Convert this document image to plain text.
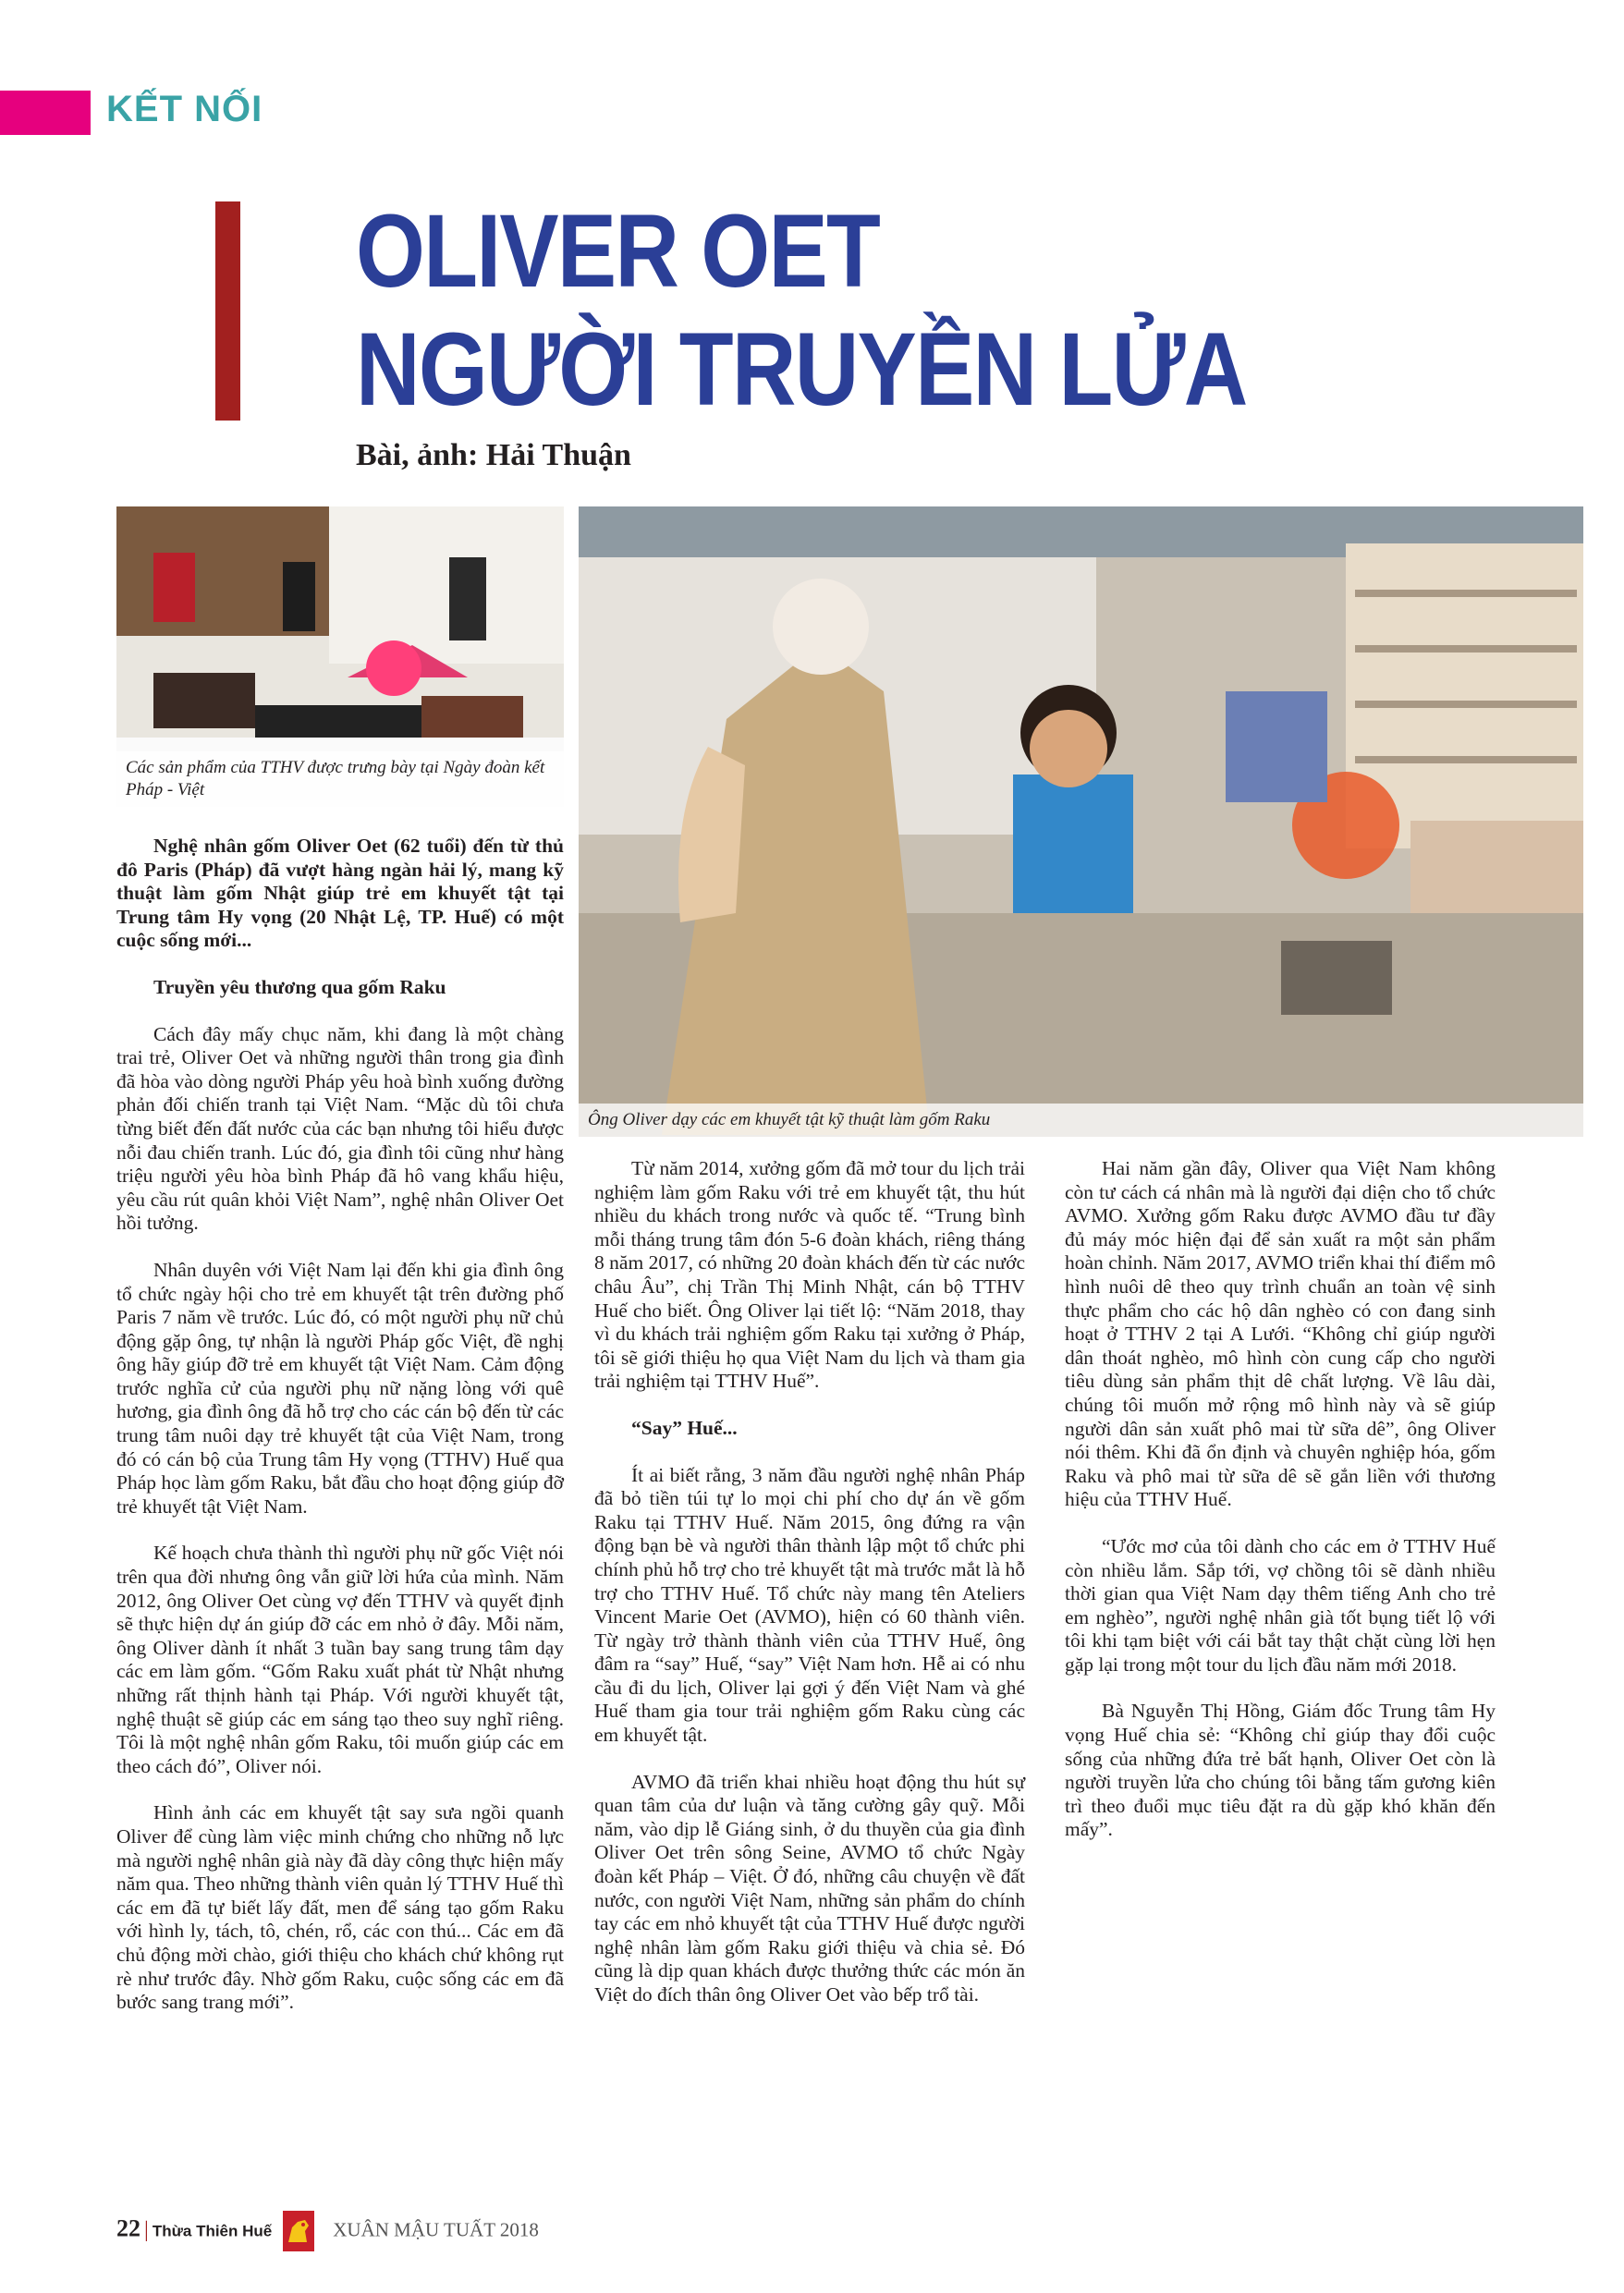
KẾT NỐI
OLIVER OET
NGƯỜI TRUYỀN LỬA
Bài, ảnh: Hải Thuận
Các sản phẩm của TTHV được trưng bày tại Ngày đoàn kết Pháp - Việt
Ông Oliver dạy các em khuyết tật kỹ thuật làm gốm Raku

Nghệ nhân gốm Oliver Oet (62 tuổi) đến từ thủ đô Paris (Pháp) đã vượt hàng ngàn hải lý, mang kỹ thuật làm gốm Nhật giúp trẻ em khuyết tật tại Trung tâm Hy vọng (20 Nhật Lệ, TP. Huế) có một cuộc sống mới...

Truyền yêu thương qua gốm Raku

Cách đây mấy chục năm, khi đang là một chàng trai trẻ, Oliver Oet và những người thân trong gia đình đã hòa vào dòng người Pháp yêu hoà bình xuống đường phản đối chiến tranh tại Việt Nam. “Mặc dù tôi chưa từng biết đến đất nước của các bạn nhưng tôi hiểu được nỗi đau chiến tranh. Lúc đó, gia đình tôi cũng như hàng triệu người yêu hòa bình Pháp đã hô vang khẩu hiệu, yêu cầu rút quân khỏi Việt Nam”, nghệ nhân Oliver Oet hồi tưởng.

Nhân duyên với Việt Nam lại đến khi gia đình ông tổ chức ngày hội cho trẻ em khuyết tật trên đường phố Paris 7 năm về trước. Lúc đó, có một người phụ nữ chủ động gặp ông, tự nhận là người Pháp gốc Việt, đề nghị ông hãy giúp đỡ trẻ em khuyết tật Việt Nam. Cảm động trước nghĩa cử của người phụ nữ nặng lòng với quê hương, gia đình ông đã hỗ trợ cho các cán bộ đến từ các trung tâm nuôi dạy trẻ khuyết tật của Việt Nam, trong đó có cán bộ của Trung tâm Hy vọng (TTHV) Huế qua Pháp học làm gốm Raku, bắt đầu cho hoạt động giúp đỡ trẻ khuyết tật Việt Nam.

Kế hoạch chưa thành thì người phụ nữ gốc Việt nói trên qua đời nhưng ông vẫn giữ lời hứa của mình. Năm 2012, ông Oliver Oet cùng vợ đến TTHV và quyết định sẽ thực hiện dự án giúp đỡ các em nhỏ ở đây. Mỗi năm, ông Oliver dành ít nhất 3 tuần bay sang trung tâm dạy các em làm gốm. “Gốm Raku xuất phát từ Nhật nhưng những rất thịnh hành tại Pháp. Với người khuyết tật, nghệ thuật sẽ giúp các em sáng tạo theo suy nghĩ riêng. Tôi là một nghệ nhân gốm Raku, tôi muốn giúp các em theo cách đó”, Oliver nói.

Hình ảnh các em khuyết tật say sưa ngồi quanh Oliver để cùng làm việc minh chứng cho những nỗ lực mà người nghệ nhân già này đã dày công thực hiện mấy năm qua. Theo những thành viên quản lý TTHV Huế thì các em đã tự biết lấy đất, men để sáng tạo gốm Raku với hình ly, tách, tô, chén, rổ, các con thú... Các em đã chủ động mời chào, giới thiệu cho khách chứ không rụt rè như trước đây. Nhờ gốm Raku, cuộc sống các em đã bước sang trang mới”.

Từ năm 2014, xưởng gốm đã mở tour du lịch trải nghiệm làm gốm Raku với trẻ em khuyết tật, thu hút nhiều du khách trong nước và quốc tế. “Trung bình mỗi tháng trung tâm đón 5-6 đoàn khách, riêng tháng 8 năm 2017, có những 20 đoàn khách đến từ các nước châu Âu”, chị Trần Thị Minh Nhật, cán bộ TTHV Huế cho biết. Ông Oliver lại tiết lộ: “Năm 2018, thay vì du khách trải nghiệm gốm Raku tại xưởng ở Pháp, tôi sẽ giới thiệu họ qua Việt Nam du lịch và tham gia trải nghiệm tại TTHV Huế”.

“Say” Huế...

Ít ai biết rằng, 3 năm đầu người nghệ nhân Pháp đã bỏ tiền túi tự lo mọi chi phí cho dự án về gốm Raku tại TTHV Huế. Năm 2015, ông đứng ra vận động bạn bè và người thân thành lập một tổ chức phi chính phủ hỗ trợ cho trẻ khuyết tật mà trước mắt là hỗ trợ cho TTHV Huế. Tổ chức này mang tên Ateliers Vincent Marie Oet (AVMO), hiện có 60 thành viên. Từ ngày trở thành thành viên của TTHV Huế, ông đâm ra “say” Huế, “say” Việt Nam hơn. Hễ ai có nhu cầu đi du lịch, Oliver lại gợi ý đến Việt Nam và ghé Huế tham gia tour trải nghiệm gốm Raku cùng các em khuyết tật.

AVMO đã triển khai nhiều hoạt động thu hút sự quan tâm của dư luận và tăng cường gây quỹ. Mỗi năm, vào dịp lễ Giáng sinh, ở du thuyền của gia đình Oliver Oet trên sông Seine, AVMO tổ chức Ngày đoàn kết Pháp – Việt. Ở đó, những câu chuyện về đất nước, con người Việt Nam, những sản phẩm do chính tay các em nhỏ khuyết tật của TTHV Huế được người nghệ nhân làm gốm Raku giới thiệu và chia sẻ. Đó cũng là dịp quan khách được thưởng thức các món ăn Việt do đích thân ông Oliver Oet vào bếp trổ tài.

Hai năm gần đây, Oliver qua Việt Nam không còn tư cách cá nhân mà là người đại diện cho tổ chức AVMO. Xưởng gốm Raku được AVMO đầu tư đầy đủ máy móc hiện đại để sản xuất ra một sản phẩm hoàn chỉnh. Năm 2017, AVMO triển khai thí điểm mô hình nuôi dê theo quy trình chuẩn an toàn vệ sinh thực phẩm cho các hộ dân nghèo có con đang sinh hoạt ở TTHV 2 tại A Lưới. “Không chỉ giúp người dân thoát nghèo, mô hình còn cung cấp cho người tiêu dùng sản phẩm thịt dê chất lượng. Về lâu dài, chúng tôi muốn mở rộng mô hình này và sẽ giúp người dân sản xuất phô mai từ sữa dê”, ông Oliver nói thêm. Khi đã ổn định và chuyên nghiệp hóa, gốm Raku và phô mai từ sữa dê sẽ gắn liền với thương hiệu của TTHV Huế.

“Ước mơ của tôi dành cho các em ở TTHV Huế còn nhiều lắm. Sắp tới, vợ chồng tôi sẽ dành nhiều thời gian qua Việt Nam dạy thêm tiếng Anh cho trẻ em nghèo”, người nghệ nhân già tốt bụng tiết lộ với tôi khi tạm biệt với cái bắt tay thật chặt cùng lời hẹn gặp lại trong một tour du lịch đầu năm mới 2018.

Bà Nguyễn Thị Hồng, Giám đốc Trung tâm Hy vọng Huế chia sẻ: “Không chỉ giúp thay đổi cuộc sống của những đứa trẻ bất hạnh, Oliver Oet còn là người truyền lửa cho chúng tôi bằng tấm gương kiên trì theo đuổi mục tiêu đặt ra dù gặp khó khăn đến mấy”.

22 | Thừa Thiên Huế	XUÂN MẬU TUẤT 2018
